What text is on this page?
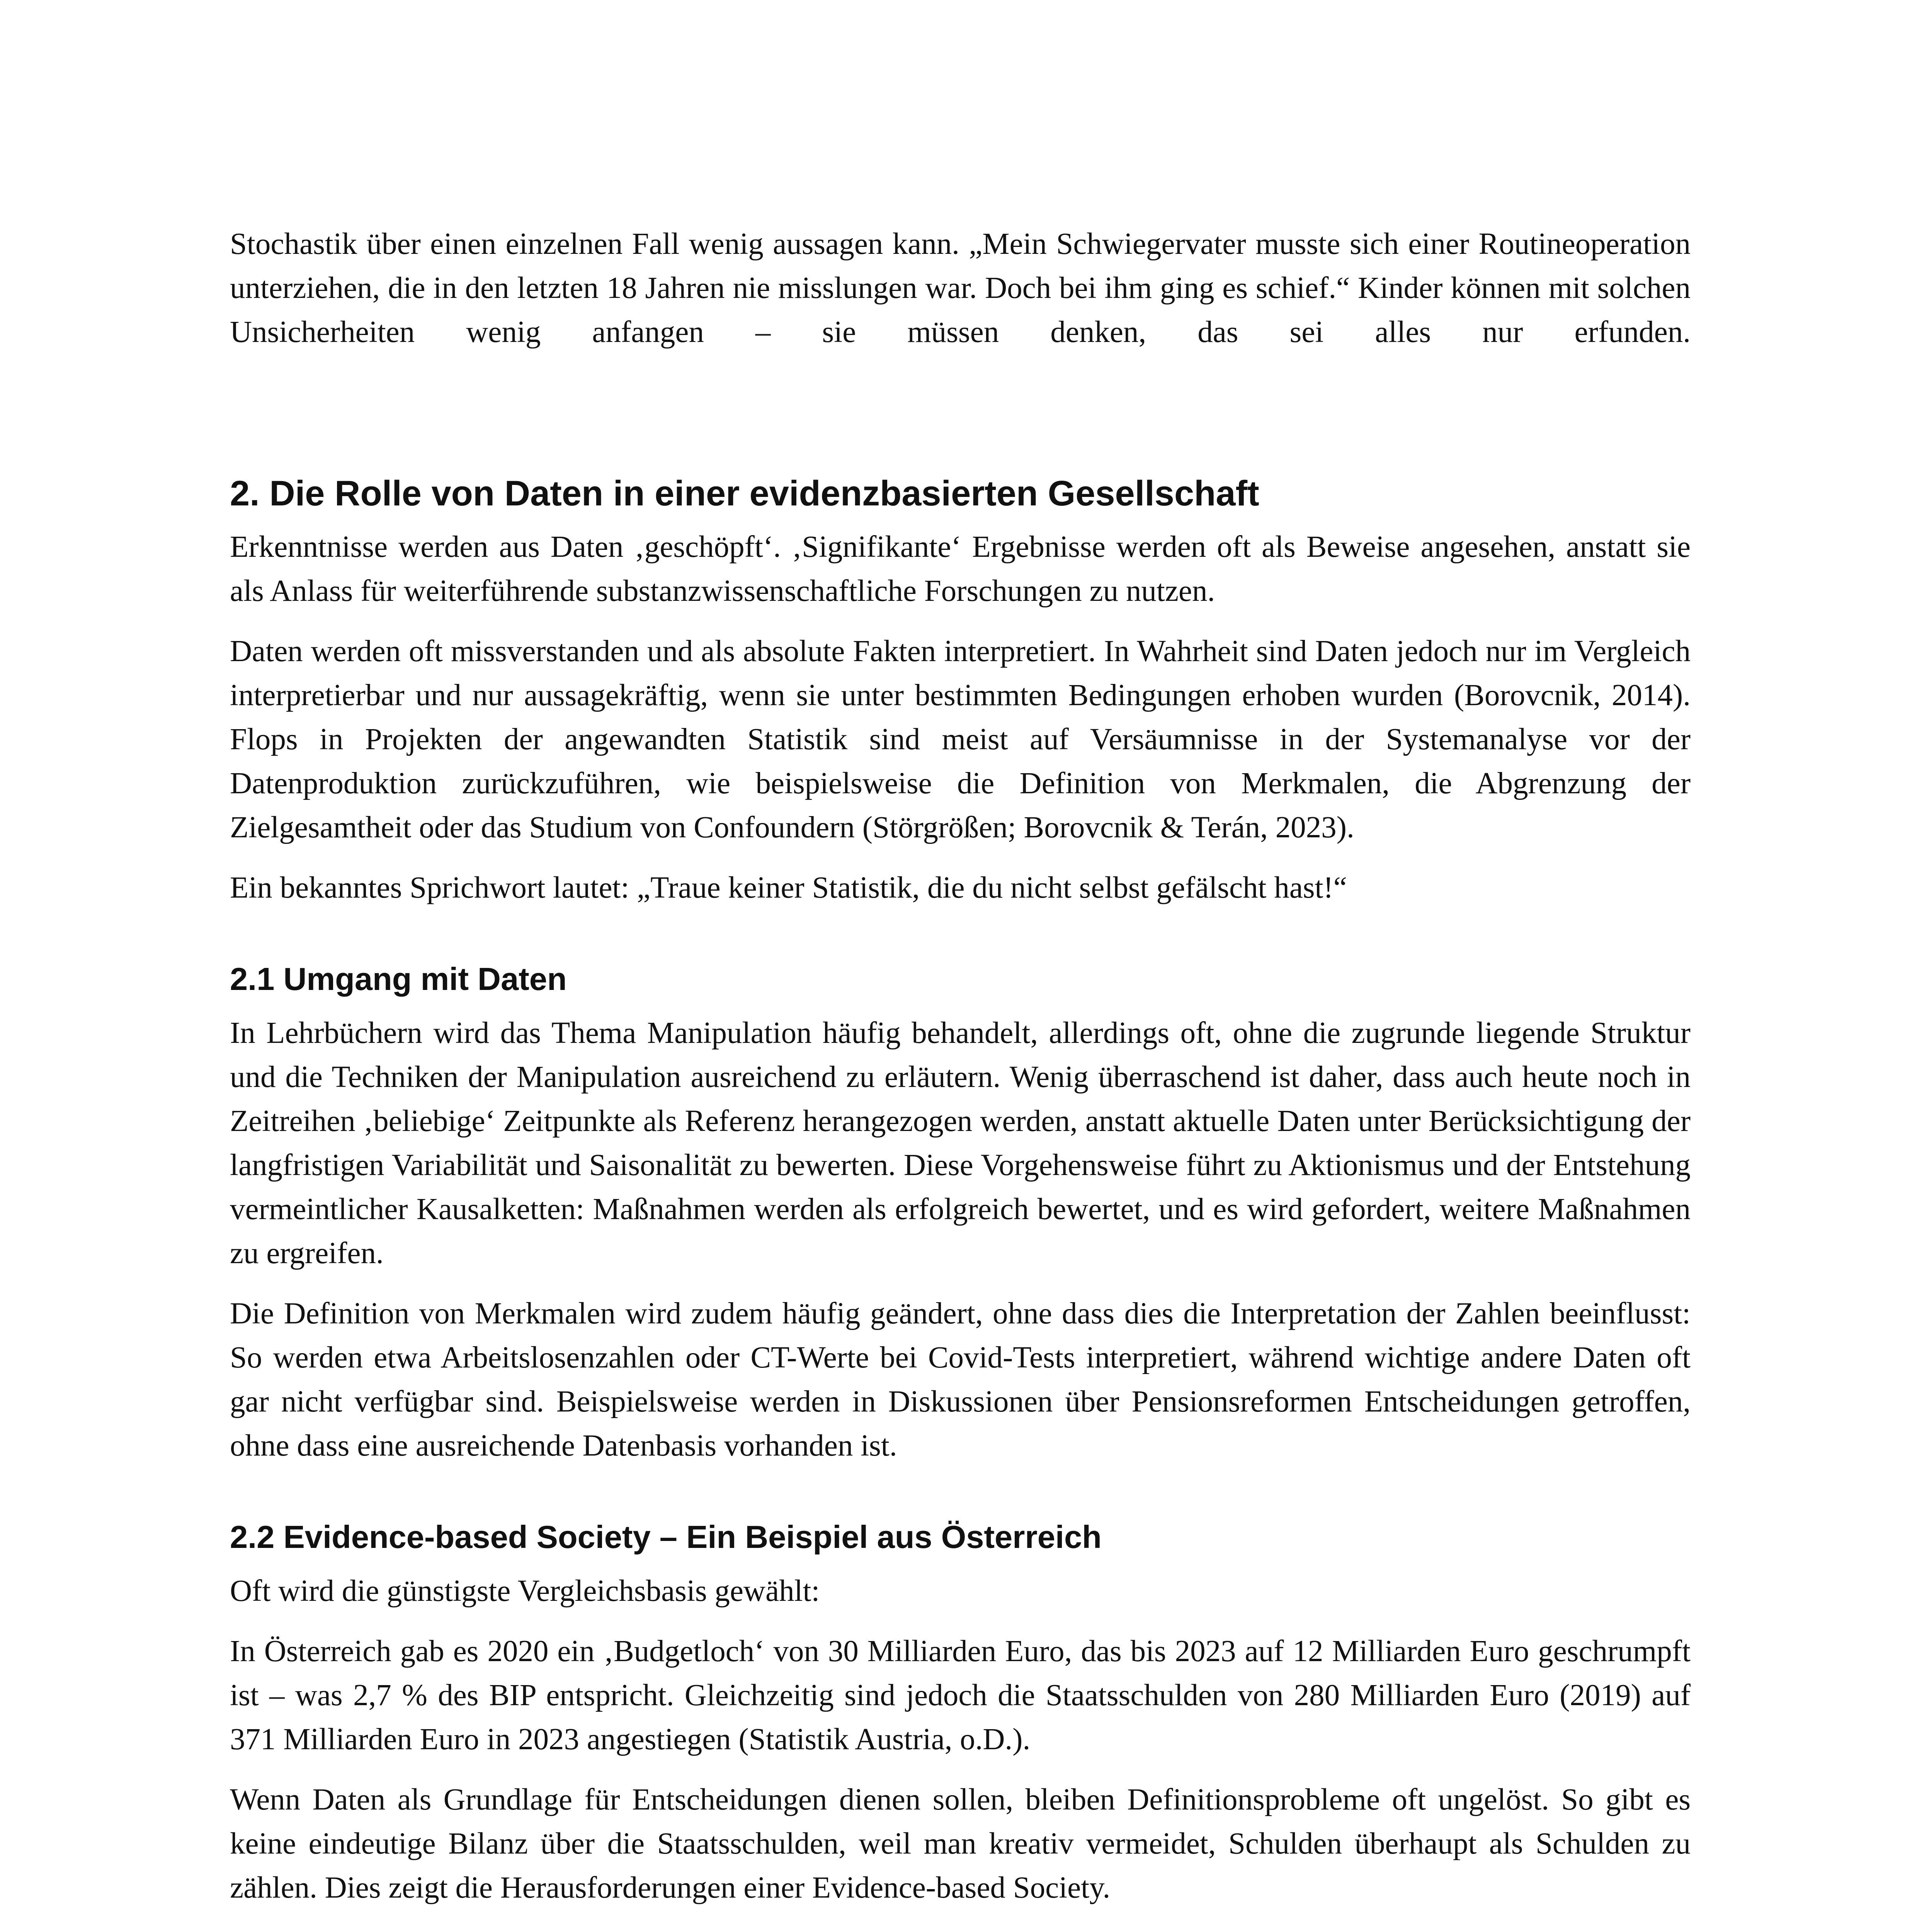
Stochastik über einen einzelnen Fall wenig aussagen kann. „Mein Schwiegervater musste sich einer Routineoperation unterziehen, die in den letzten 18 Jahren nie misslungen war. Doch bei ihm ging es schief.“ Kinder können mit solchen Unsicherheiten wenig anfangen – sie müssen denken, das sei alles nur erfunden.

2. Die Rolle von Daten in einer evidenzbasierten Gesellschaft

Erkenntnisse werden aus Daten ‚geschöpft‘. ‚Signifikante‘ Ergebnisse werden oft als Beweise angesehen, anstatt sie als Anlass für weiterführende substanzwissenschaftliche Forschungen zu nutzen.

Daten werden oft missverstanden und als absolute Fakten interpretiert. In Wahrheit sind Daten jedoch nur im Vergleich interpretierbar und nur aussagekräftig, wenn sie unter bestimmten Bedingungen erhoben wurden (Borovcnik, 2014). Flops in Projekten der angewandten Statistik sind meist auf Versäumnisse in der Systemanalyse vor der Datenproduktion zurückzuführen, wie beispielsweise die Definition von Merkmalen, die Abgrenzung der Zielgesamtheit oder das Studium von Confoundern (Störgrößen; Borovcnik & Terán, 2023).

Ein bekanntes Sprichwort lautet: „Traue keiner Statistik, die du nicht selbst gefälscht hast!“

2.1 Umgang mit Daten

In Lehrbüchern wird das Thema Manipulation häufig behandelt, allerdings oft, ohne die zugrunde liegende Struktur und die Techniken der Manipulation ausreichend zu erläutern. Wenig überraschend ist daher, dass auch heute noch in Zeitreihen ‚beliebige‘ Zeitpunkte als Referenz herangezogen werden, anstatt aktuelle Daten unter Berücksichtigung der langfristigen Variabilität und Saisonalität zu bewerten. Diese Vorgehensweise führt zu Aktionismus und der Entstehung vermeintlicher Kausalketten: Maßnahmen werden als erfolgreich bewertet, und es wird gefordert, weitere Maßnahmen zu ergreifen.

Die Definition von Merkmalen wird zudem häufig geändert, ohne dass dies die Interpretation der Zahlen beeinflusst: So werden etwa Arbeitslosenzahlen oder CT-Werte bei Covid-Tests interpretiert, während wichtige andere Daten oft gar nicht verfügbar sind. Beispielsweise werden in Diskussionen über Pensionsreformen Entscheidungen getroffen, ohne dass eine ausreichende Datenbasis vorhanden ist.

2.2 Evidence-based Society – Ein Beispiel aus Österreich

Oft wird die günstigste Vergleichsbasis gewählt:

In Österreich gab es 2020 ein ‚Budgetloch‘ von 30 Milliarden Euro, das bis 2023 auf 12 Milliarden Euro geschrumpft ist – was 2,7 % des BIP entspricht. Gleichzeitig sind jedoch die Staatsschulden von 280 Milliarden Euro (2019) auf 371 Milliarden Euro in 2023 angestiegen (Statistik Austria, o.D.).

Wenn Daten als Grundlage für Entscheidungen dienen sollen, bleiben Definitionsprobleme oft ungelöst. So gibt es keine eindeutige Bilanz über die Staatsschulden, weil man kreativ vermeidet, Schulden überhaupt als Schulden zu zählen. Dies zeigt die Herausforderungen einer Evidence-based Society.
